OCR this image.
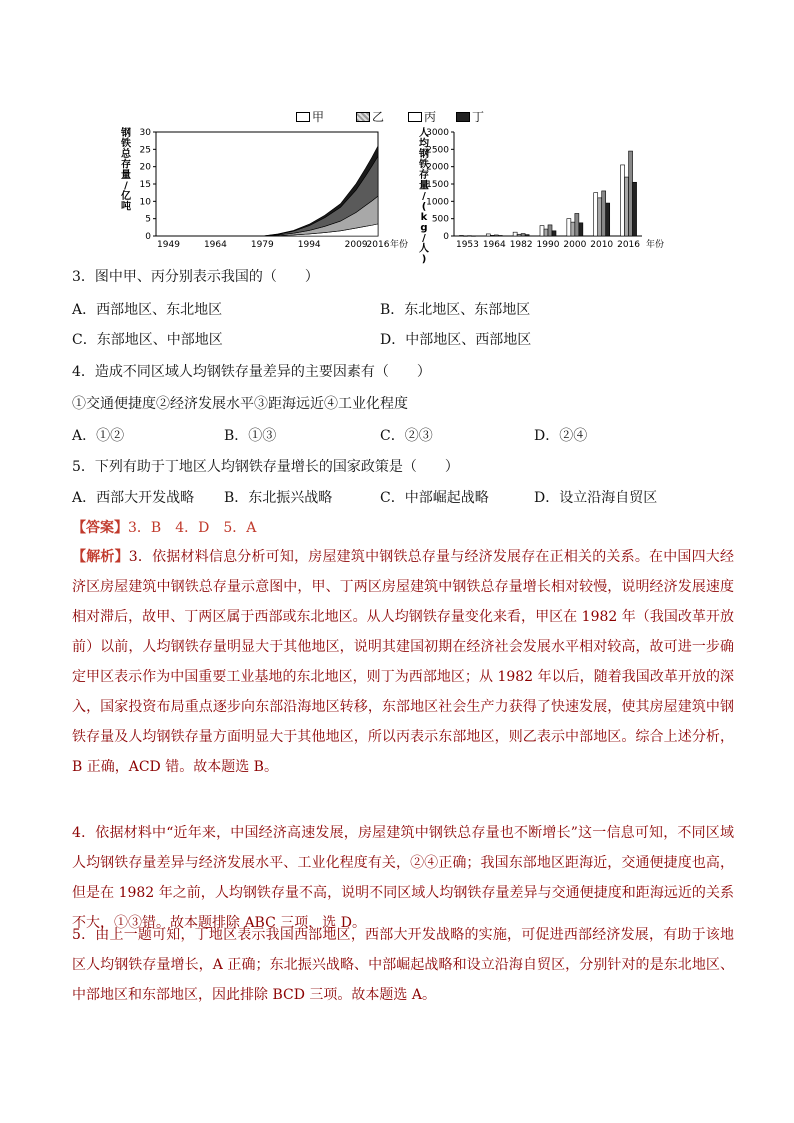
甲	乙	丙	丁
钢铁总存量/亿吨
0
5
10
15
20
25
30
1949	1964	1979	1994	2009
2016 年份
人均钢铁存量/ ( k g /人)
0
500
1000
1500
2000
2500
3000
1953 1964 1982 1990 2000 2010 2016 年份
3．图中甲、丙分别表示我国的（　　）
A．西部地区、东北地区	B．东北地区、东部地区
C．东部地区、中部地区	D．中部地区、西部地区
4．造成不同区域人均钢铁存量差异的主要因素有（　　）
①交通便捷度②经济发展水平③距海远近④工业化程度
A．①②	B．①③	C．②③	D．②④
5．下列有助于丁地区人均钢铁存量增长的国家政策是（　　）
A．西部大开发战略 B．东北振兴战略	C．中部崛起战略	D．设立沿海自贸区
【答案】3．B　4．D　5．A
【解析】3．依据材料信息分析可知，房屋建筑中钢铁总存量与经济发展存在正相关的关系。在中国四大经济区房屋建筑中钢铁总存量示意图中，甲、丁两区房屋建筑中钢铁总存量增长相对较慢，说明经济发展速度相对滞后，故甲、丁两区属于西部或东北地区。从人均钢铁存量变化来看，甲区在 1982 年（我国改革开放前）以前，人均钢铁存量明显大于其他地区，说明其建国初期在经济社会发展水平相对较高，故可进一步确定甲区表示作为中国重要工业基地的东北地区，则丁为西部地区；从 1982 年以后，随着我国改革开放的深入，国家投资布局重点逐步向东部沿海地区转移，东部地区社会生产力获得了快速发展，使其房屋建筑中钢铁存量及人均钢铁存量方面明显大于其他地区，所以丙表示东部地区，则乙表示中部地区。综合上述分析，B 正确，ACD 错。故本题选 B。
4．依据材料中“近年来，中国经济高速发展，房屋建筑中钢铁总存量也不断增长”这一信息可知，不同区域人均钢铁存量差异与经济发展水平、工业化程度有关，②④正确；我国东部地区距海近，交通便捷度也高，但是在 1982 年之前，人均钢铁存量不高，说明不同区域人均钢铁存量差异与交通便捷度和距海远近的关系不大，①③错。故本题排除 ABC 三项，选 D。
5．由上一题可知，丁地区表示我国西部地区，西部大开发战略的实施，可促进西部经济发展，有助于该地区人均钢铁存量增长，A 正确；东北振兴战略、中部崛起战略和设立沿海自贸区，分别针对的是东北地区、中部地区和东部地区，因此排除 BCD 三项。故本题选 A。
